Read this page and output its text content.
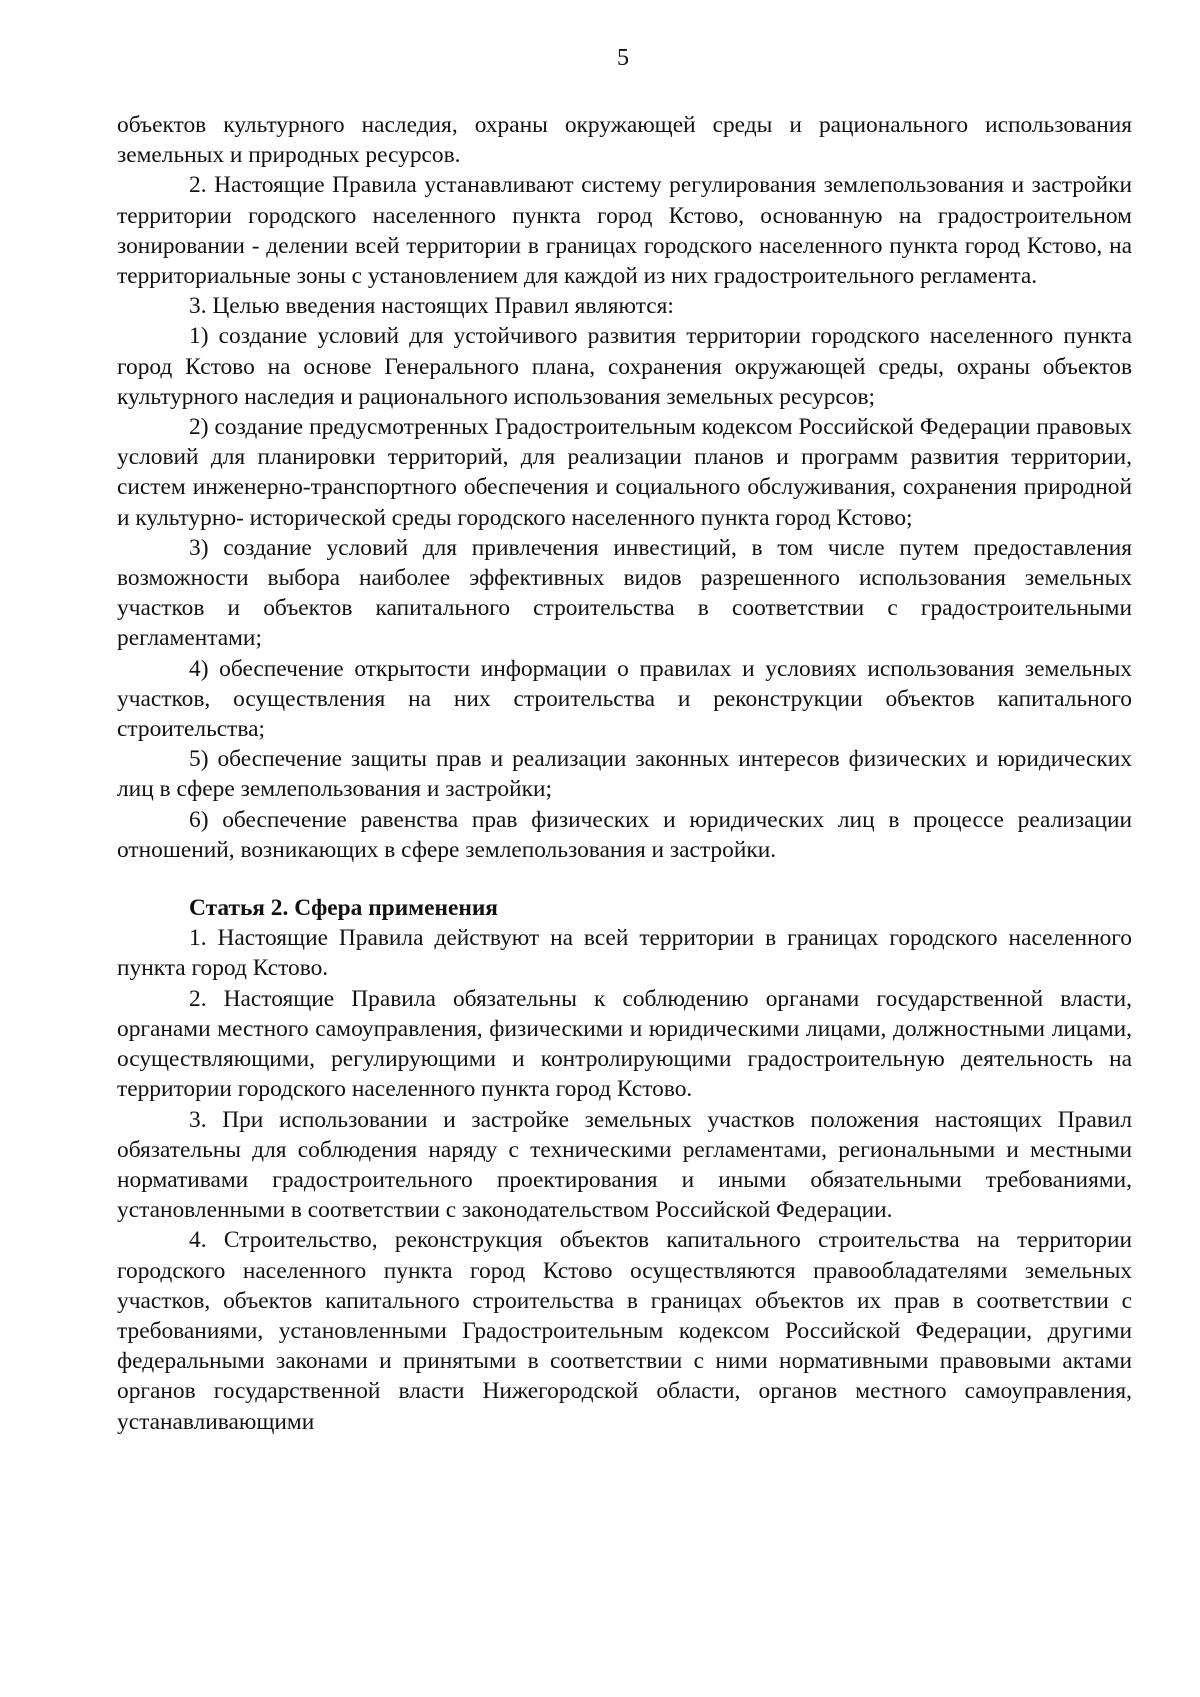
5

объектов культурного наследия, охраны окружающей среды и рационального использования земельных и природных ресурсов.

2. Настоящие Правила устанавливают систему регулирования землепользования и застройки территории городского населенного пункта город Кстово, основанную на градостроительном зонировании - делении всей территории в границах городского населенного пункта город Кстово, на территориальные зоны с установлением для каждой из них градостроительного регламента.

3. Целью введения настоящих Правил являются:

1) создание условий для устойчивого развития территории городского населенного пункта город Кстово на основе Генерального плана, сохранения окружающей среды, охраны объектов культурного наследия и рационального использования земельных ресурсов;

2) создание предусмотренных Градостроительным кодексом Российской Федерации правовых условий для планировки территорий, для реализации планов и программ развития территории, систем инженерно-транспортного обеспечения и социального обслуживания, сохранения природной и культурно- исторической среды городского населенного пункта город Кстово;

3) создание условий для привлечения инвестиций, в том числе путем предоставления возможности выбора наиболее эффективных видов разрешенного использования земельных участков и объектов капитального строительства в соответствии с градостроительными регламентами;

4) обеспечение открытости информации о правилах и условиях использования земельных участков, осуществления на них строительства и реконструкции объектов капитального строительства;

5) обеспечение защиты прав и реализации законных интересов физических и юридических лиц в сфере землепользования и застройки;

6) обеспечение равенства прав физических и юридических лиц в процессе реализации отношений, возникающих в сфере землепользования и застройки.

Статья 2. Сфера применения

1. Настоящие Правила действуют на всей территории в границах городского населенного пункта город Кстово.

2. Настоящие Правила обязательны к соблюдению органами государственной власти, органами местного самоуправления, физическими и юридическими лицами, должностными лицами, осуществляющими, регулирующими и контролирующими градостроительную деятельность на территории городского населенного пункта город Кстово.

3. При использовании и застройке земельных участков положения настоящих Правил обязательны для соблюдения наряду с техническими регламентами, региональными и местными нормативами градостроительного проектирования и иными обязательными требованиями, установленными в соответствии с законодательством Российской Федерации.

4. Строительство, реконструкция объектов капитального строительства на территории городского населенного пункта город Кстово осуществляются правообладателями земельных участков, объектов капитального строительства в границах объектов их прав в соответствии с требованиями, установленными Градостроительным кодексом Российской Федерации, другими федеральными законами и принятыми в соответствии с ними нормативными правовыми актами органов государственной власти Нижегородской области, органов местного самоуправления, устанавливающими
